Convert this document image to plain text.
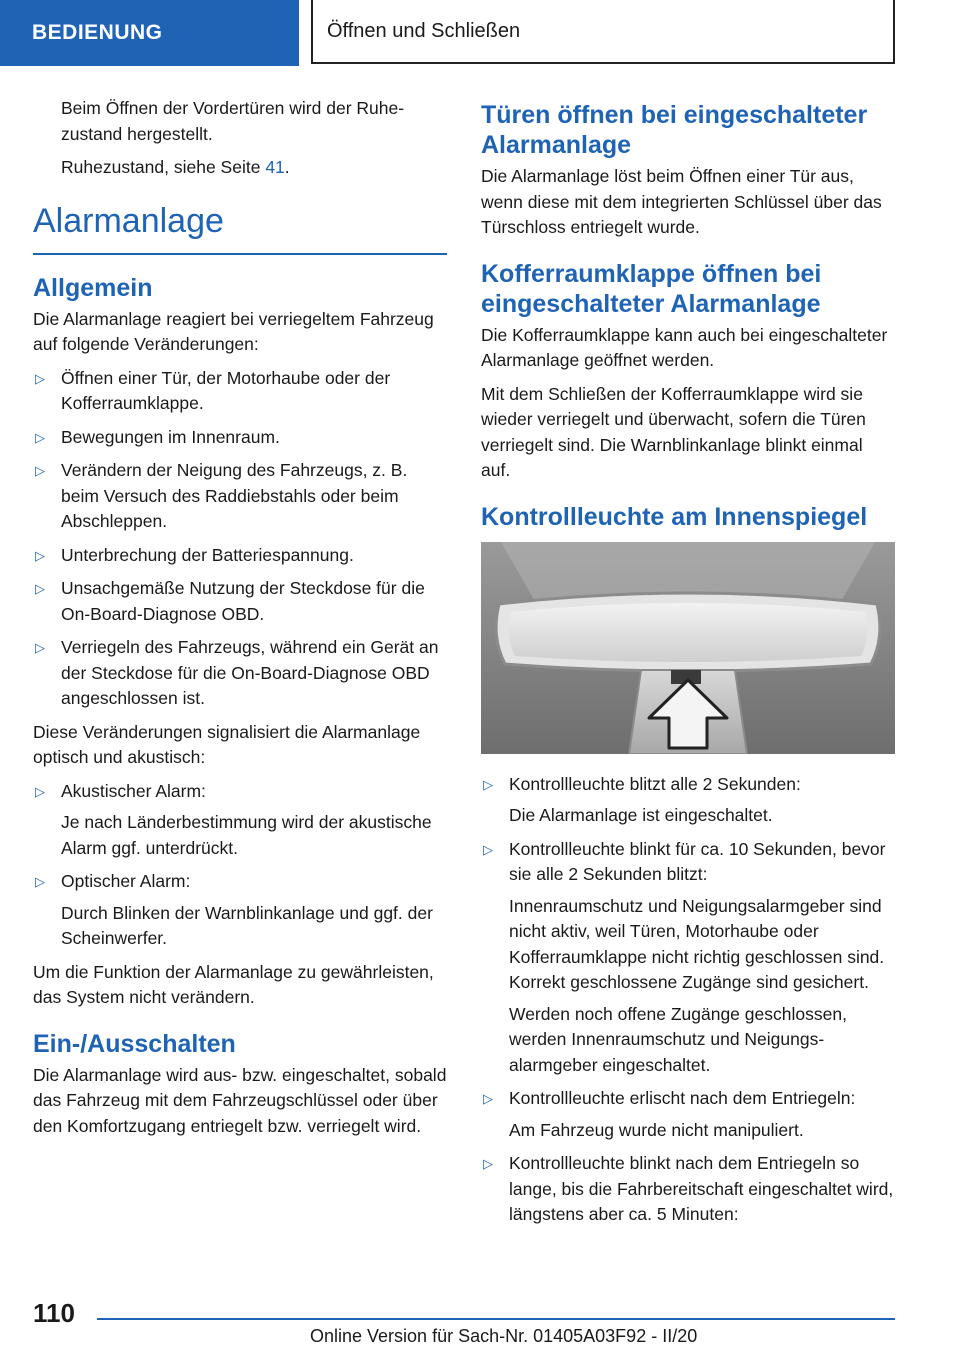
BEDIENUNG	Öffnen und Schließen

Beim Öffnen der Vordertüren wird der Ruhezustand hergestellt.

Ruhezustand, siehe Seite 41.

Alarmanlage
Allgemein

Die Alarmanlage reagiert bei verriegeltem Fahrzeug auf folgende Veränderungen:

▷ Öffnen einer Tür, der Motorhaube oder der Kofferraumklappe.
▷ Bewegungen im Innenraum.
▷ Verändern der Neigung des Fahrzeugs, z. B. beim Versuch des Raddiebstahls oder beim Abschleppen.
▷ Unterbrechung der Batteriespannung.
▷ Unsachgemäße Nutzung der Steckdose für die On-Board-Diagnose OBD.
▷ Verriegeln des Fahrzeugs, während ein Gerät an der Steckdose für die On-Board-Diagnose OBD angeschlossen ist.

Diese Veränderungen signalisiert die Alarmanlage optisch und akustisch:

▷ Akustischer Alarm:
Je nach Länderbestimmung wird der akustische Alarm ggf. unterdrückt.
▷ Optischer Alarm:
Durch Blinken der Warnblinkanlage und ggf. der Scheinwerfer.

Um die Funktion der Alarmanlage zu gewährleisten, das System nicht verändern.

Ein-/Ausschalten

Die Alarmanlage wird aus- bzw. eingeschaltet, sobald das Fahrzeug mit dem Fahrzeugschlüssel oder über den Komfortzugang entriegelt bzw. verriegelt wird.

Türen öffnen bei eingeschalteter Alarmanlage

Die Alarmanlage löst beim Öffnen einer Tür aus, wenn diese mit dem integrierten Schlüssel über das Türschloss entriegelt wurde.

Kofferraumklappe öffnen bei eingeschalteter Alarmanlage

Die Kofferraumklappe kann auch bei eingeschalteter Alarmanlage geöffnet werden.

Mit dem Schließen der Kofferraumklappe wird sie wieder verriegelt und überwacht, sofern die Türen verriegelt sind. Die Warnblinkanlage blinkt einmal auf.

Kontrollleuchte am Innenspiegel
▷ Kontrollleuchte blitzt alle 2 Sekunden:
Die Alarmanlage ist eingeschaltet.
▷ Kontrollleuchte blinkt für ca. 10 Sekunden, bevor sie alle 2 Sekunden blitzt:
Innenraumschutz und Neigungsalarmgeber sind nicht aktiv, weil Türen, Motorhaube oder Kofferraumklappe nicht richtig geschlossen sind. Korrekt geschlossene Zugänge sind gesichert.
Werden noch offene Zugänge geschlossen, werden Innenraumschutz und Neigungsalarmgeber eingeschaltet.
▷ Kontrollleuchte erlischt nach dem Entriegeln:
Am Fahrzeug wurde nicht manipuliert.
▷ Kontrollleuchte blinkt nach dem Entriegeln so lange, bis die Fahrbereitschaft eingeschaltet wird, längstens aber ca. 5 Minuten:
110
Online Version für Sach-Nr. 01405A03F92 - II/20
